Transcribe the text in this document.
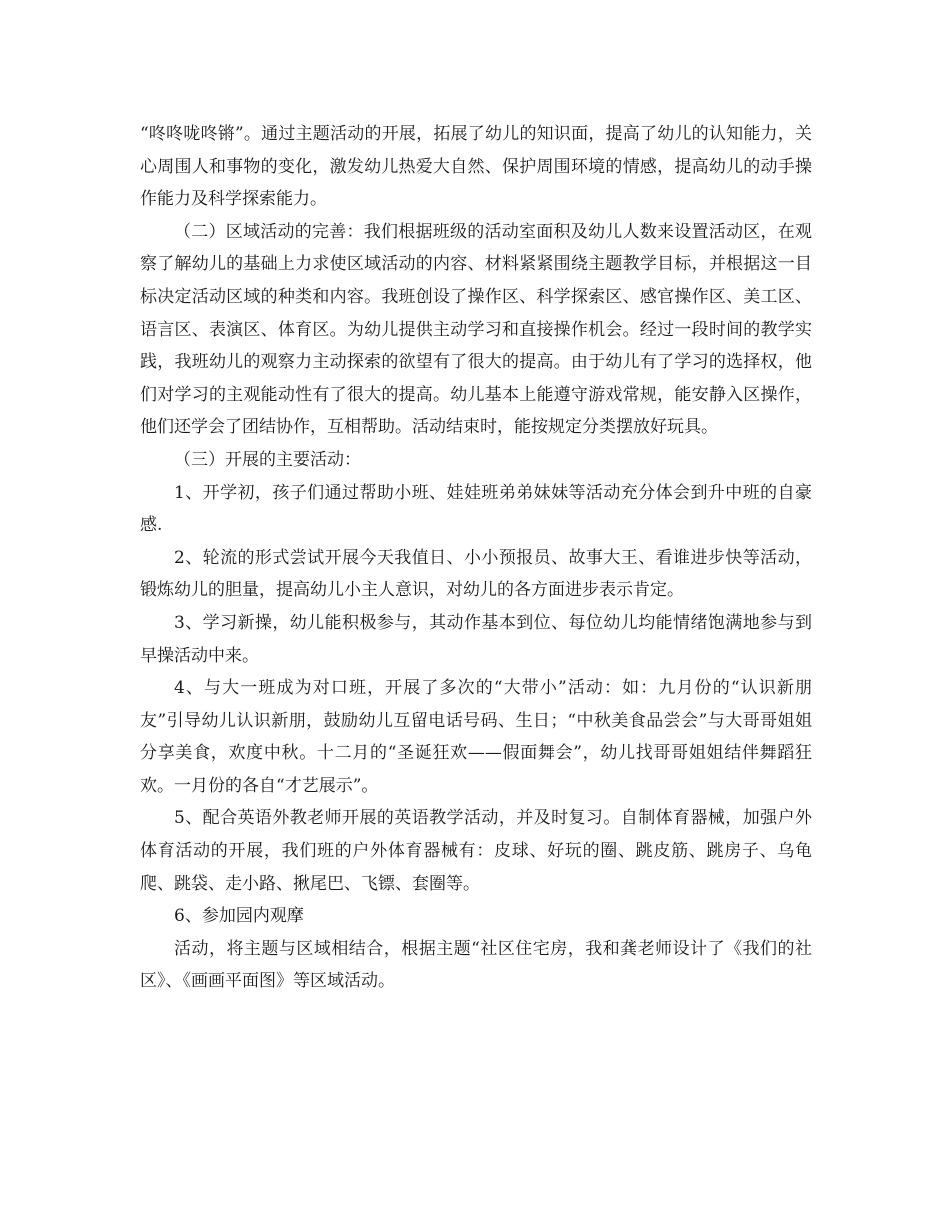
“咚咚咙咚锵”。通过主题活动的开展，拓展了幼儿的知识面，提高了幼儿的认知能力，关心周围人和事物的变化，激发幼儿热爱大自然、保护周围环境的情感，提高幼儿的动手操作能力及科学探索能力。

（二）区域活动的完善：我们根据班级的活动室面积及幼儿人数来设置活动区，在观察了解幼儿的基础上力求使区域活动的内容、材料紧紧围绕主题教学目标，并根据这一目标决定活动区域的种类和内容。我班创设了操作区、科学探索区、感官操作区、美工区、语言区、表演区、体育区。为幼儿提供主动学习和直接操作机会。经过一段时间的教学实践，我班幼儿的观察力主动探索的欲望有了很大的提高。由于幼儿有了学习的选择权，他们对学习的主观能动性有了很大的提高。幼儿基本上能遵守游戏常规，能安静入区操作，他们还学会了团结协作，互相帮助。活动结束时，能按规定分类摆放好玩具。

（三）开展的主要活动：

1、开学初，孩子们通过帮助小班、娃娃班弟弟妹妹等活动充分体会到升中班的自豪感.

2、轮流的形式尝试开展今天我值日、小小预报员、故事大王、看谁进步快等活动，锻炼幼儿的胆量，提高幼儿小主人意识，对幼儿的各方面进步表示肯定。

3、学习新操，幼儿能积极参与，其动作基本到位、每位幼儿均能情绪饱满地参与到早操活动中来。

4、与大一班成为对口班，开展了多次的“大带小”活动：如：九月份的“认识新朋友”引导幼儿认识新朋，鼓励幼儿互留电话号码、生日；“中秋美食品尝会”与大哥哥姐姐分享美食，欢度中秋。十二月的“圣诞狂欢——假面舞会”，幼儿找哥哥姐姐结伴舞蹈狂欢。一月份的各自“才艺展示”。

5、配合英语外教老师开展的英语教学活动，并及时复习。自制体育器械，加强户外体育活动的开展，我们班的户外体育器械有：皮球、好玩的圈、跳皮筋、跳房子、乌龟爬、跳袋、走小路、揪尾巴、飞镖、套圈等。

6、参加园内观摩

活动，将主题与区域相结合，根据主题“社区住宅房，我和龚老师设计了《我们的社区》、《画画平面图》等区域活动。
